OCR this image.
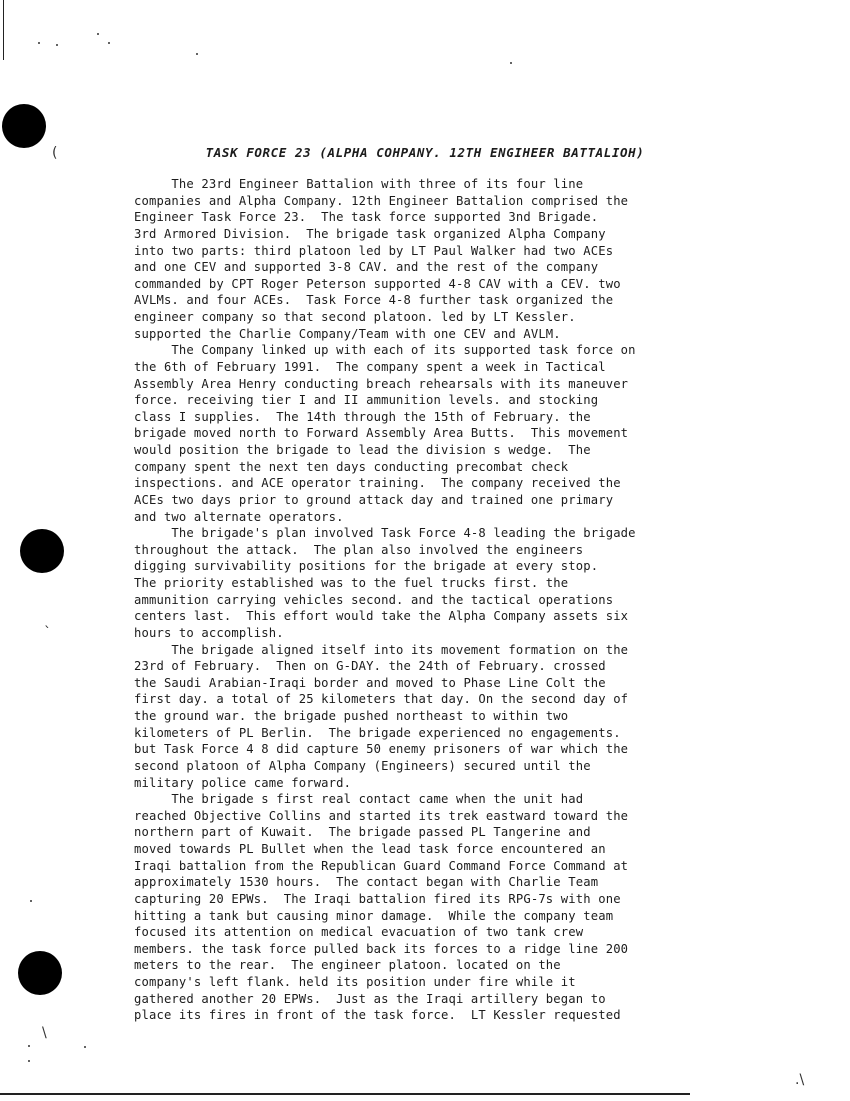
(
`
\
.\
TASK FORCE 23 (ALPHA COHPANY. 12TH ENGIHEER BATTALIOH)
The 23rd Engineer Battalion with three of its four line
companies and Alpha Company. 12th Engineer Battalion comprised the
Engineer Task Force 23.  The task force supported 3nd Brigade.
3rd Armored Division.  The brigade task organized Alpha Company
into two parts: third platoon led by LT Paul Walker had two ACEs
and one CEV and supported 3-8 CAV. and the rest of the company
commanded by CPT Roger Peterson supported 4-8 CAV with a CEV. two
AVLMs. and four ACEs.  Task Force 4-8 further task organized the
engineer company so that second platoon. led by LT Kessler.
supported the Charlie Company/Team with one CEV and AVLM.
The Company linked up with each of its supported task force on
the 6th of February 1991.  The company spent a week in Tactical
Assembly Area Henry conducting breach rehearsals with its maneuver
force. receiving tier I and II ammunition levels. and stocking
class I supplies.  The 14th through the 15th of February. the
brigade moved north to Forward Assembly Area Butts.  This movement
would position the brigade to lead the division s wedge.  The
company spent the next ten days conducting precombat check
inspections. and ACE operator training.  The company received the
ACEs two days prior to ground attack day and trained one primary
and two alternate operators.
The brigade's plan involved Task Force 4-8 leading the brigade
throughout the attack.  The plan also involved the engineers
digging survivability positions for the brigade at every stop.
The priority established was to the fuel trucks first. the
ammunition carrying vehicles second. and the tactical operations
centers last.  This effort would take the Alpha Company assets six
hours to accomplish.
The brigade aligned itself into its movement formation on the
23rd of February.  Then on G-DAY. the 24th of February. crossed
the Saudi Arabian-Iraqi border and moved to Phase Line Colt the
first day. a total of 25 kilometers that day. On the second day of
the ground war. the brigade pushed northeast to within two
kilometers of PL Berlin.  The brigade experienced no engagements.
but Task Force 4 8 did capture 50 enemy prisoners of war which the
second platoon of Alpha Company (Engineers) secured until the
military police came forward.
The brigade s first real contact came when the unit had
reached Objective Collins and started its trek eastward toward the
northern part of Kuwait.  The brigade passed PL Tangerine and
moved towards PL Bullet when the lead task force encountered an
Iraqi battalion from the Republican Guard Command Force Command at
approximately 1530 hours.  The contact began with Charlie Team
capturing 20 EPWs.  The Iraqi battalion fired its RPG-7s with one
hitting a tank but causing minor damage.  While the company team
focused its attention on medical evacuation of two tank crew
members. the task force pulled back its forces to a ridge line 200
meters to the rear.  The engineer platoon. located on the
company's left flank. held its position under fire while it
gathered another 20 EPWs.  Just as the Iraqi artillery began to
place its fires in front of the task force.  LT Kessler requested
